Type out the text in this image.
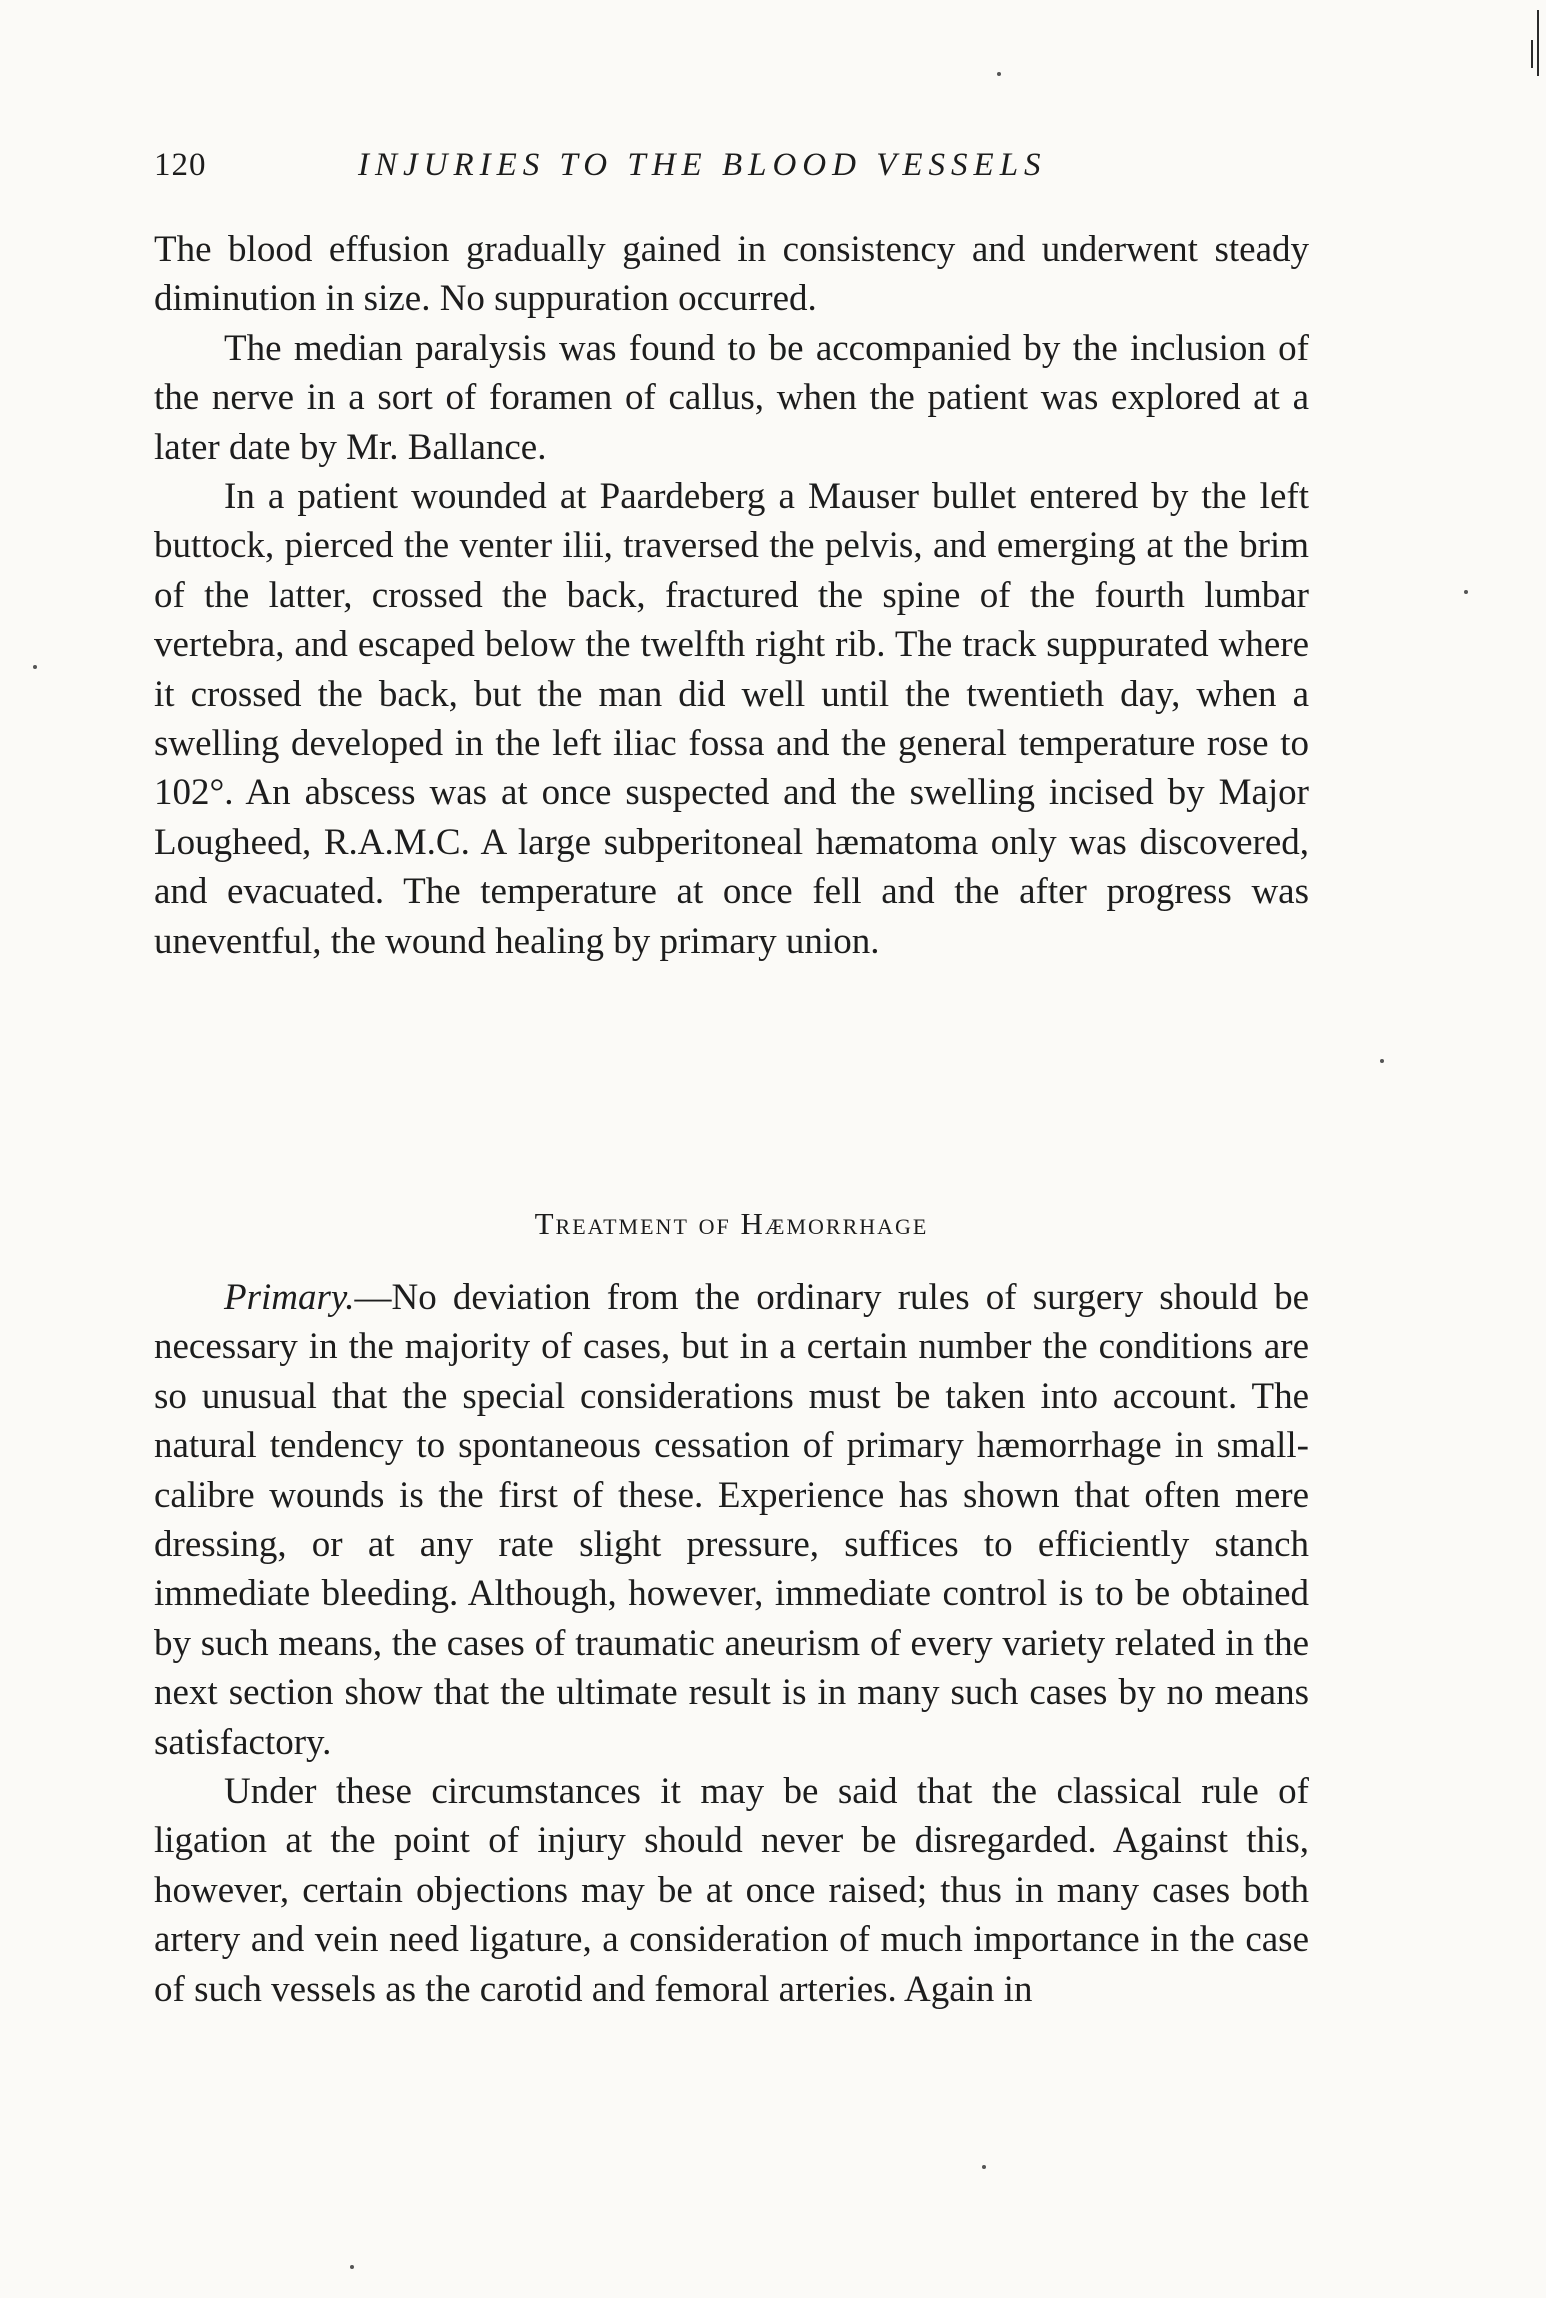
120	INJURIES TO THE BLOOD VESSELS

The blood effusion gradually gained in consistency and underwent steady diminution in size. No suppuration occurred.

The median paralysis was found to be accompanied by the inclusion of the nerve in a sort of foramen of callus, when the patient was explored at a later date by Mr. Ballance.

In a patient wounded at Paardeberg a Mauser bullet entered by the left buttock, pierced the venter ilii, traversed the pelvis, and emerging at the brim of the latter, crossed the back, fractured the spine of the fourth lumbar vertebra, and escaped below the twelfth right rib. The track suppurated where it crossed the back, but the man did well until the twentieth day, when a swelling developed in the left iliac fossa and the general temperature rose to 102°. An abscess was at once suspected and the swelling incised by Major Lougheed, R.A.M.C. A large subperitoneal hæmatoma only was discovered, and evacuated. The temperature at once fell and the after progress was uneventful, the wound healing by primary union.

Treatment of Hæmorrhage

Primary.—No deviation from the ordinary rules of surgery should be necessary in the majority of cases, but in a certain number the conditions are so unusual that the special considerations must be taken into account. The natural tendency to spontaneous cessation of primary hæmorrhage in small-calibre wounds is the first of these. Experience has shown that often mere dressing, or at any rate slight pressure, suffices to efficiently stanch immediate bleeding. Although, however, immediate control is to be obtained by such means, the cases of traumatic aneurism of every variety related in the next section show that the ultimate result is in many such cases by no means satisfactory.

Under these circumstances it may be said that the classical rule of ligation at the point of injury should never be disregarded. Against this, however, certain objections may be at once raised; thus in many cases both artery and vein need ligature, a consideration of much importance in the case of such vessels as the carotid and femoral arteries. Again in
